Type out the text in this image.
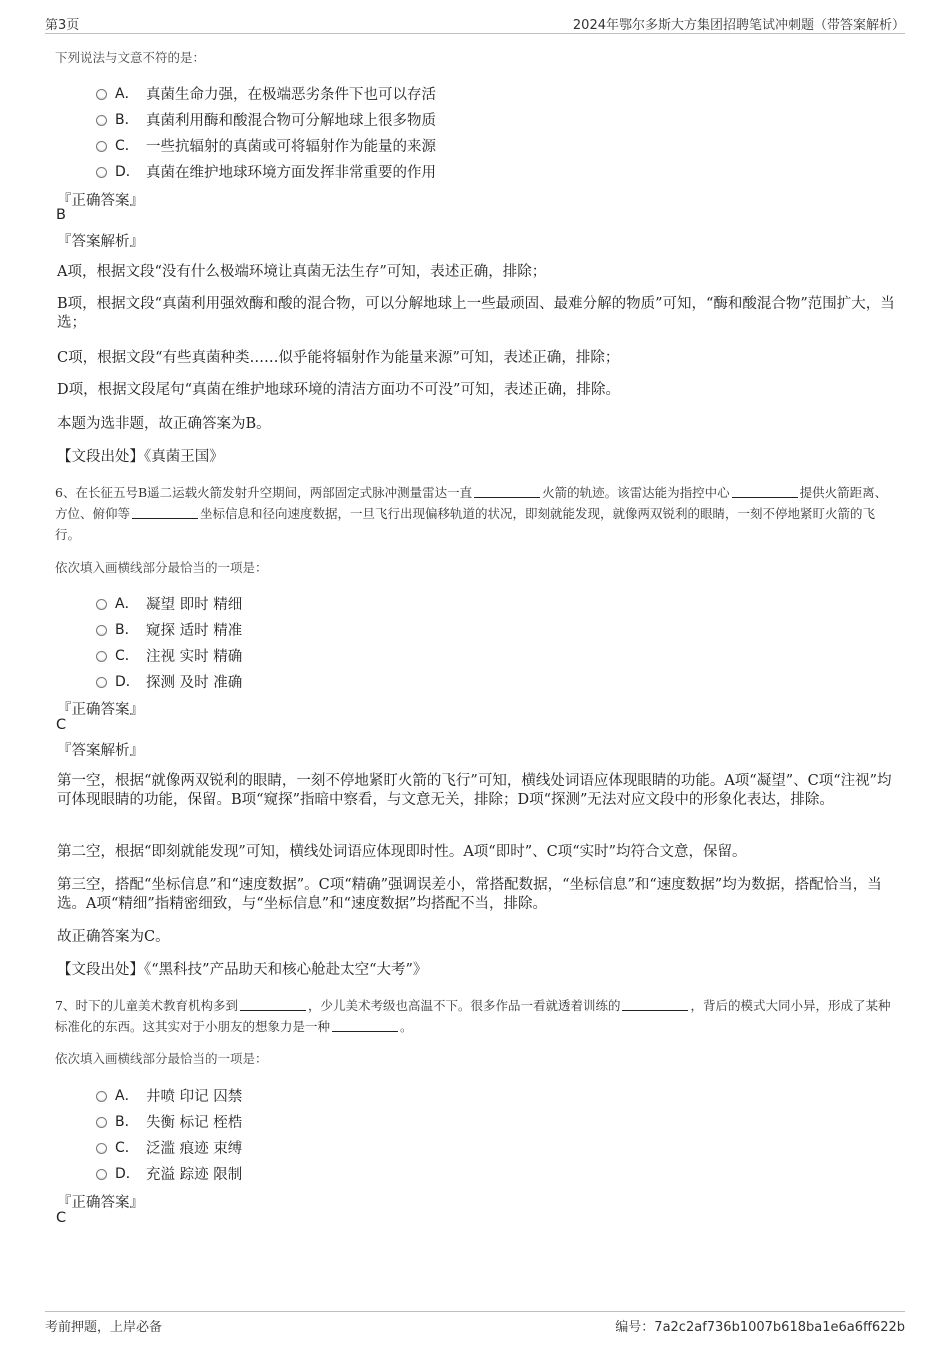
第3页	2024年鄂尔多斯大方集团招聘笔试冲刺题（带答案解析）
下列说法与文意不符的是：
A． 真菌生命力强，在极端恶劣条件下也可以存活
B． 真菌利用酶和酸混合物可分解地球上很多物质
C． 一些抗辐射的真菌或可将辐射作为能量的来源
D． 真菌在维护地球环境方面发挥非常重要的作用
『正确答案』
B
『答案解析』
A项，根据文段“没有什么极端环境让真菌无法生存”可知，表述正确，排除；
B项，根据文段“真菌利用强效酶和酸的混合物，可以分解地球上一些最顽固、最难分解的物质”可知，“酶和酸混合物”范围扩大，当选；
C项，根据文段“有些真菌种类……似乎能将辐射作为能量来源”可知，表述正确，排除；
D项，根据文段尾句“真菌在维护地球环境的清洁方面功不可没”可知，表述正确，排除。
本题为选非题，故正确答案为B。
【文段出处】《真菌王国》
6、在长征五号B遥二运载火箭发射升空期间，两部固定式脉冲测量雷达一直	火箭的轨迹。该雷达能为指控中心	提供火箭距离、方位、俯仰等	坐标信息和径向速度数据，一旦飞行出现偏移轨道的状况，即刻就能发现，就像两双锐利的眼睛，一刻不停地紧盯火箭的飞行。
依次填入画横线部分最恰当的一项是：
A． 凝望 即时 精细
B． 窥探 适时 精准
C． 注视 实时 精确
D． 探测 及时 准确
『正确答案』
C
『答案解析』
第一空，根据“就像两双锐利的眼睛，一刻不停地紧盯火箭的飞行”可知，横线处词语应体现眼睛的功能。A项“凝望”、C项“注视”均可体现眼睛的功能，保留。B项“窥探”指暗中察看，与文意无关，排除；D项“探测”无法对应文段中的形象化表达，排除。
第二空，根据“即刻就能发现”可知，横线处词语应体现即时性。A项“即时”、C项“实时”均符合文意，保留。
第三空，搭配“坐标信息”和“速度数据”。C项“精确”强调误差小，常搭配数据，“坐标信息”和“速度数据”均为数据，搭配恰当，当选。A项“精细”指精密细致，与“坐标信息”和“速度数据”均搭配不当，排除。
故正确答案为C。
【文段出处】《“黑科技”产品助天和核心舱赴太空“大考”》
7、时下的儿童美术教育机构多到	，少儿美术考级也高温不下。很多作品一看就透着训练的	，背后的模式大同小异，形成了某种标准化的东西。这其实对于小朋友的想象力是一种	。
依次填入画横线部分最恰当的一项是：
A． 井喷 印记 囚禁
B． 失衡 标记 桎梏
C． 泛滥 痕迹 束缚
D． 充溢 踪迹 限制
『正确答案』
C
考前押题，上岸必备	编号：7a2c2af736b1007b618ba1e6a6ff622b
